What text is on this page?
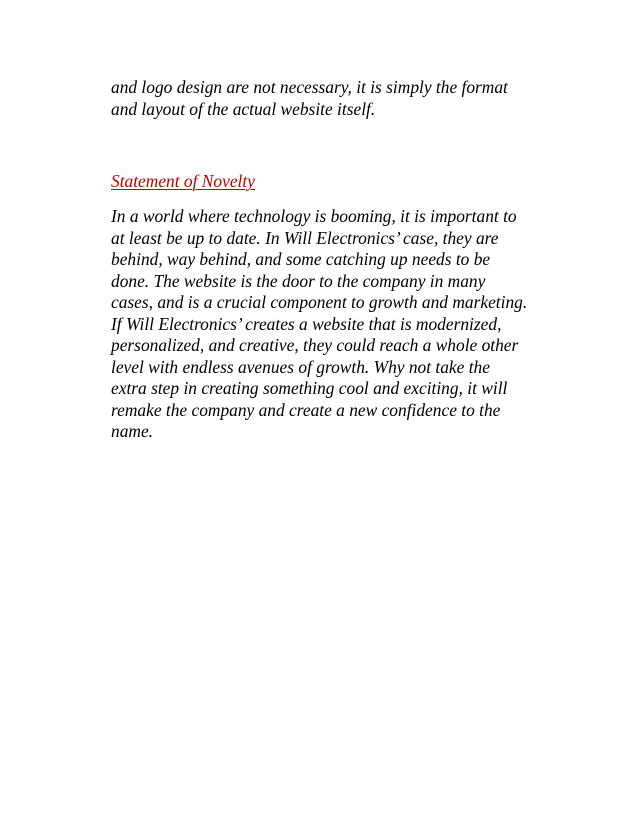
and logo design are not necessary, it is simply the format
and layout of the actual website itself.
Statement of Novelty
In a world where technology is booming, it is important to
at least be up to date. In Will Electronics’ case, they are
behind, way behind, and some catching up needs to be
done. The website is the door to the company in many
cases, and is a crucial component to growth and marketing.
If Will Electronics’ creates a website that is modernized,
personalized, and creative, they could reach a whole other
level with endless avenues of growth. Why not take the
extra step in creating something cool and exciting, it will
remake the company and create a new confidence to the
name.
